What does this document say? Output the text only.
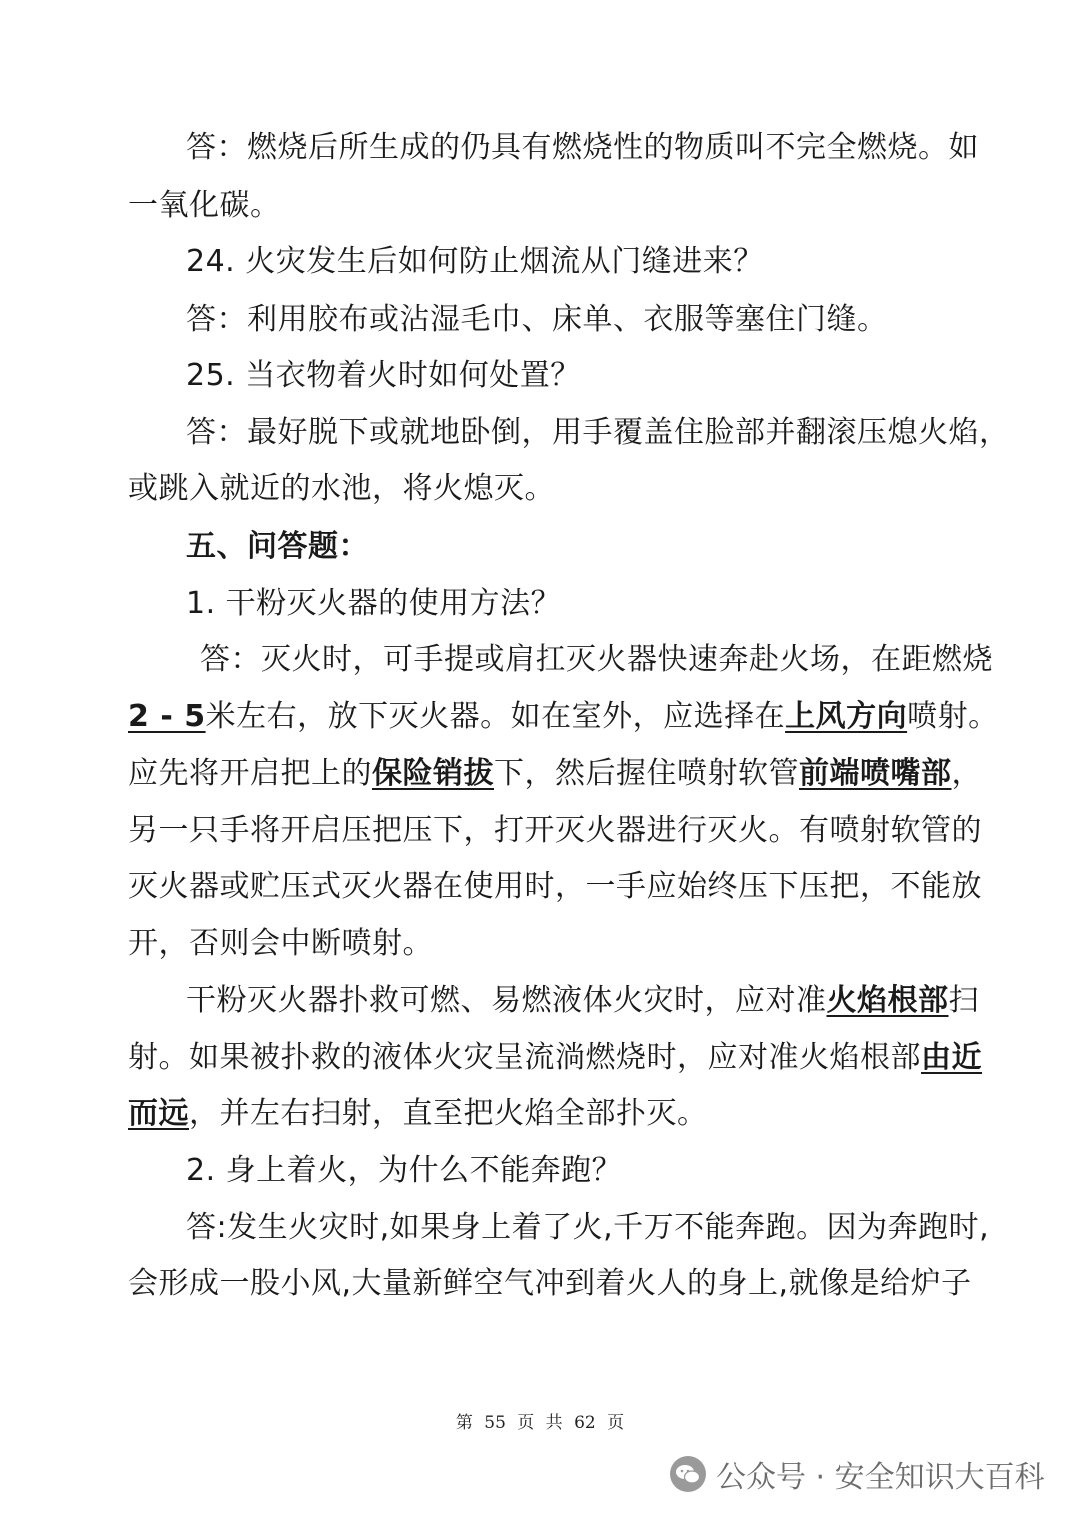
答：燃烧后所生成的仍具有燃烧性的物质叫不完全燃烧。如
一氧化碳。
24. 火灾发生后如何防止烟流从门缝进来？
答：利用胶布或沾湿毛巾、床单、衣服等塞住门缝。
25. 当衣物着火时如何处置？
答：最好脱下或就地卧倒，用手覆盖住脸部并翻滚压熄火焰，
或跳入就近的水池，将火熄灭。
五、问答题：
1. 干粉灭火器的使用方法？
答：灭火时，可手提或肩扛灭火器快速奔赴火场，在距燃烧
2 - 5米左右，放下灭火器。如在室外，应选择在上风方向喷射。
应先将开启把上的保险销拔下，然后握住喷射软管前端喷嘴部，
另一只手将开启压把压下，打开灭火器进行灭火。有喷射软管的
灭火器或贮压式灭火器在使用时，一手应始终压下压把，不能放
开，否则会中断喷射。
干粉灭火器扑救可燃、易燃液体火灾时，应对准火焰根部扫
射。如果被扑救的液体火灾呈流淌燃烧时，应对准火焰根部由近
而远，并左右扫射，直至把火焰全部扑灭。
2. 身上着火，为什么不能奔跑？
答:发生火灾时,如果身上着了火,千万不能奔跑。因为奔跑时,
会形成一股小风,大量新鲜空气冲到着火人的身上,就像是给炉子
第 55 页 共 62 页
公众号 · 安全知识大百科
